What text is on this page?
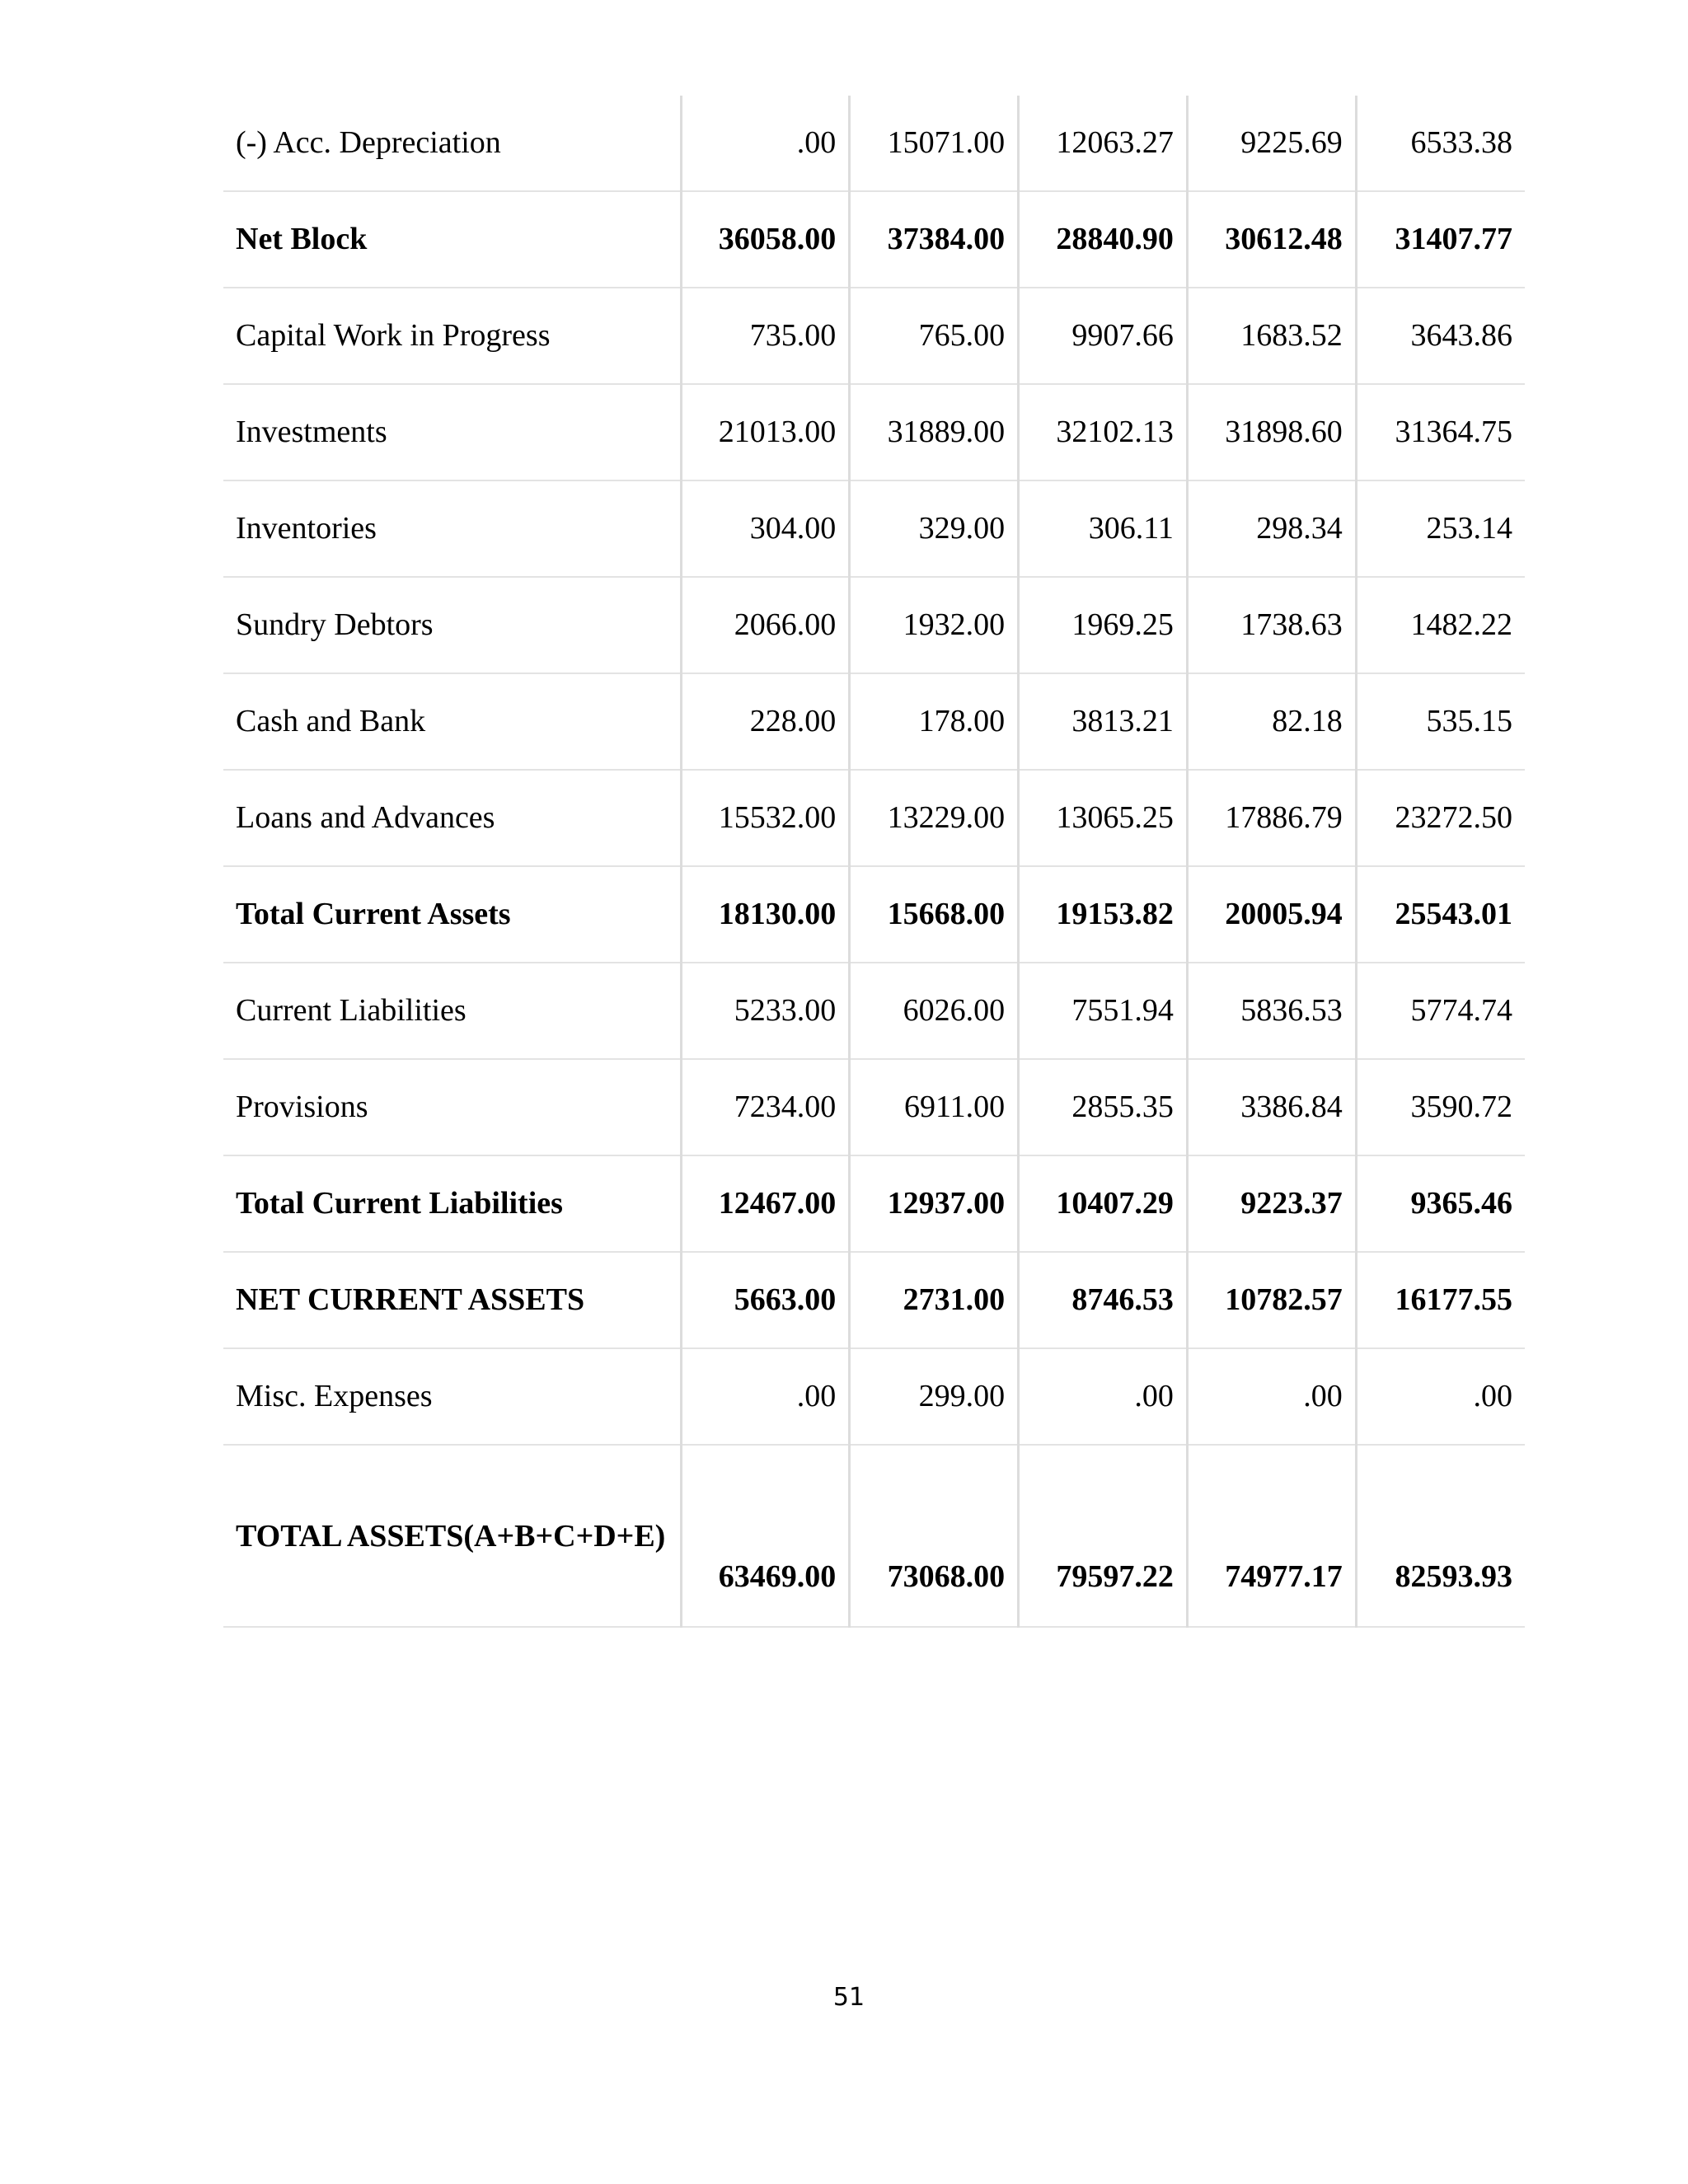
(-) Acc. Depreciation	.00	15071.00	12063.27	9225.69	6533.38
Net Block	36058.00	37384.00	28840.90	30612.48	31407.77
Capital Work in Progress	735.00	765.00	9907.66	1683.52	3643.86
Investments	21013.00	31889.00	32102.13	31898.60	31364.75
Inventories	304.00	329.00	306.11	298.34	253.14
Sundry Debtors	2066.00	1932.00	1969.25	1738.63	1482.22
Cash and Bank	228.00	178.00	3813.21	82.18	535.15
Loans and Advances	15532.00	13229.00	13065.25	17886.79	23272.50
Total Current Assets	18130.00	15668.00	19153.82	20005.94	25543.01
Current Liabilities	5233.00	6026.00	7551.94	5836.53	5774.74
Provisions	7234.00	6911.00	2855.35	3386.84	3590.72
Total Current Liabilities	12467.00	12937.00	10407.29	9223.37	9365.46
NET CURRENT ASSETS	5663.00	2731.00	8746.53	10782.57	16177.55
Misc. Expenses	.00	299.00	.00	.00	.00
TOTAL ASSETS(A+B+C+D+E)	63469.00	73068.00	79597.22	74977.17	82593.93
51
